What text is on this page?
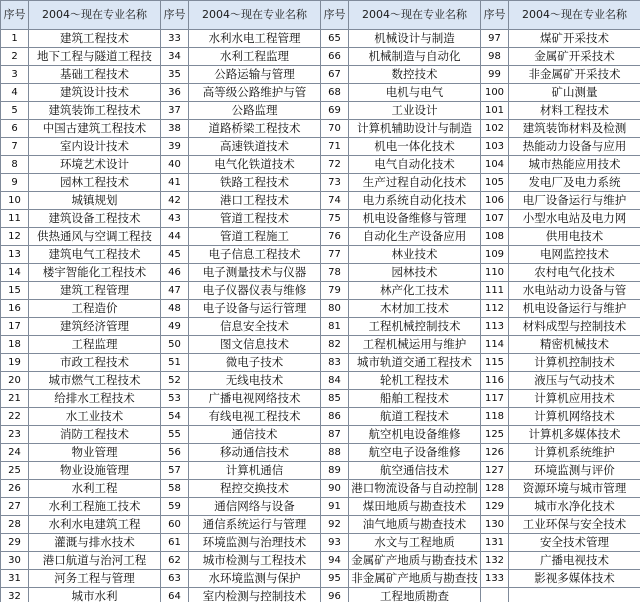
序号	2004～现在专业名称	序号	2004～现在专业名称	序号	2004～现在专业名称	序号	2004～现在专业名称
1	建筑工程技术	33	水利水电工程管理	65	机械设计与制造	97	煤矿开采技术
2	地下工程与隧道工程技	34	水利工程监理	66	机械制造与自动化	98	金属矿开采技术
3	基础工程技术	35	公路运输与管理	67	数控技术	99	非金属矿开采技术
4	建筑设计技术	36	高等级公路维护与管	68	电机与电气	100	矿山测量
5	建筑装饰工程技术	37	公路监理	69	工业设计	101	材料工程技术
6	中国古建筑工程技术	38	道路桥梁工程技术	70	计算机辅助设计与制造	102	建筑装饰材料及检测
7	室内设计技术	39	高速铁道技术	71	机电一体化技术	103	热能动力设备与应用
8	环境艺术设计	40	电气化铁道技术	72	电气自动化技术	104	城市热能应用技术
9	园林工程技术	41	铁路工程技术	73	生产过程自动化技术	105	发电厂及电力系统
10	城镇规划	42	港口工程技术	74	电力系统自动化技术	106	电厂设备运行与维护
11	建筑设备工程技术	43	管道工程技术	75	机电设备维修与管理	107	小型水电站及电力网
12	供热通风与空调工程技	44	管道工程施工	76	自动化生产设备应用	108	供用电技术
13	建筑电气工程技术	45	电子信息工程技术	77	林业技术	109	电网监控技术
14	楼宇智能化工程技术	46	电子测量技术与仪器	78	园林技术	110	农村电气化技术
15	建筑工程管理	47	电子仪器仪表与维修	79	林产化工技术	111	水电站动力设备与管
16	工程造价	48	电子设备与运行管理	80	木材加工技术	112	机电设备运行与维护
17	建筑经济管理	49	信息安全技术	81	工程机械控制技术	113	材料成型与控制技术
18	工程监理	50	图文信息技术	82	工程机械运用与维护	114	精密机械技术
19	市政工程技术	51	微电子技术	83	城市轨道交通工程技术	115	计算机控制技术
20	城市燃气工程技术	52	无线电技术	84	轮机工程技术	116	液压与气动技术
21	给排水工程技术	53	广播电视网络技术	85	船舶工程技术	117	计算机应用技术
22	水工业技术	54	有线电视工程技术	86	航道工程技术	118	计算机网络技术
23	消防工程技术	55	通信技术	87	航空机电设备维修	125	计算机多媒体技术
24	物业管理	56	移动通信技术	88	航空电子设备维修	126	计算机系统维护
25	物业设施管理	57	计算机通信	89	航空通信技术	127	环境监测与评价
26	水利工程	58	程控交换技术	90	港口物流设备与自动控制	128	资源环境与城市管理
27	水利工程施工技术	59	通信网络与设备	91	煤田地质与勘查技术	129	城市水净化技术
28	水利水电建筑工程	60	通信系统运行与管理	92	油气地质与勘查技术	130	工业环保与安全技术
29	灌溉与排水技术	61	环境监测与治理技术	93	水文与工程地质	131	安全技术管理
30	港口航道与治河工程	62	城市检测与工程技术	94	金属矿产地质与勘查技术	132	广播电视技术
31	河务工程与管理	63	水环境监测与保护	95	非金属矿产地质与勘查技	133	影视多媒体技术
32	城市水利	64	室内检测与控制技术	96	工程地质勘查		
